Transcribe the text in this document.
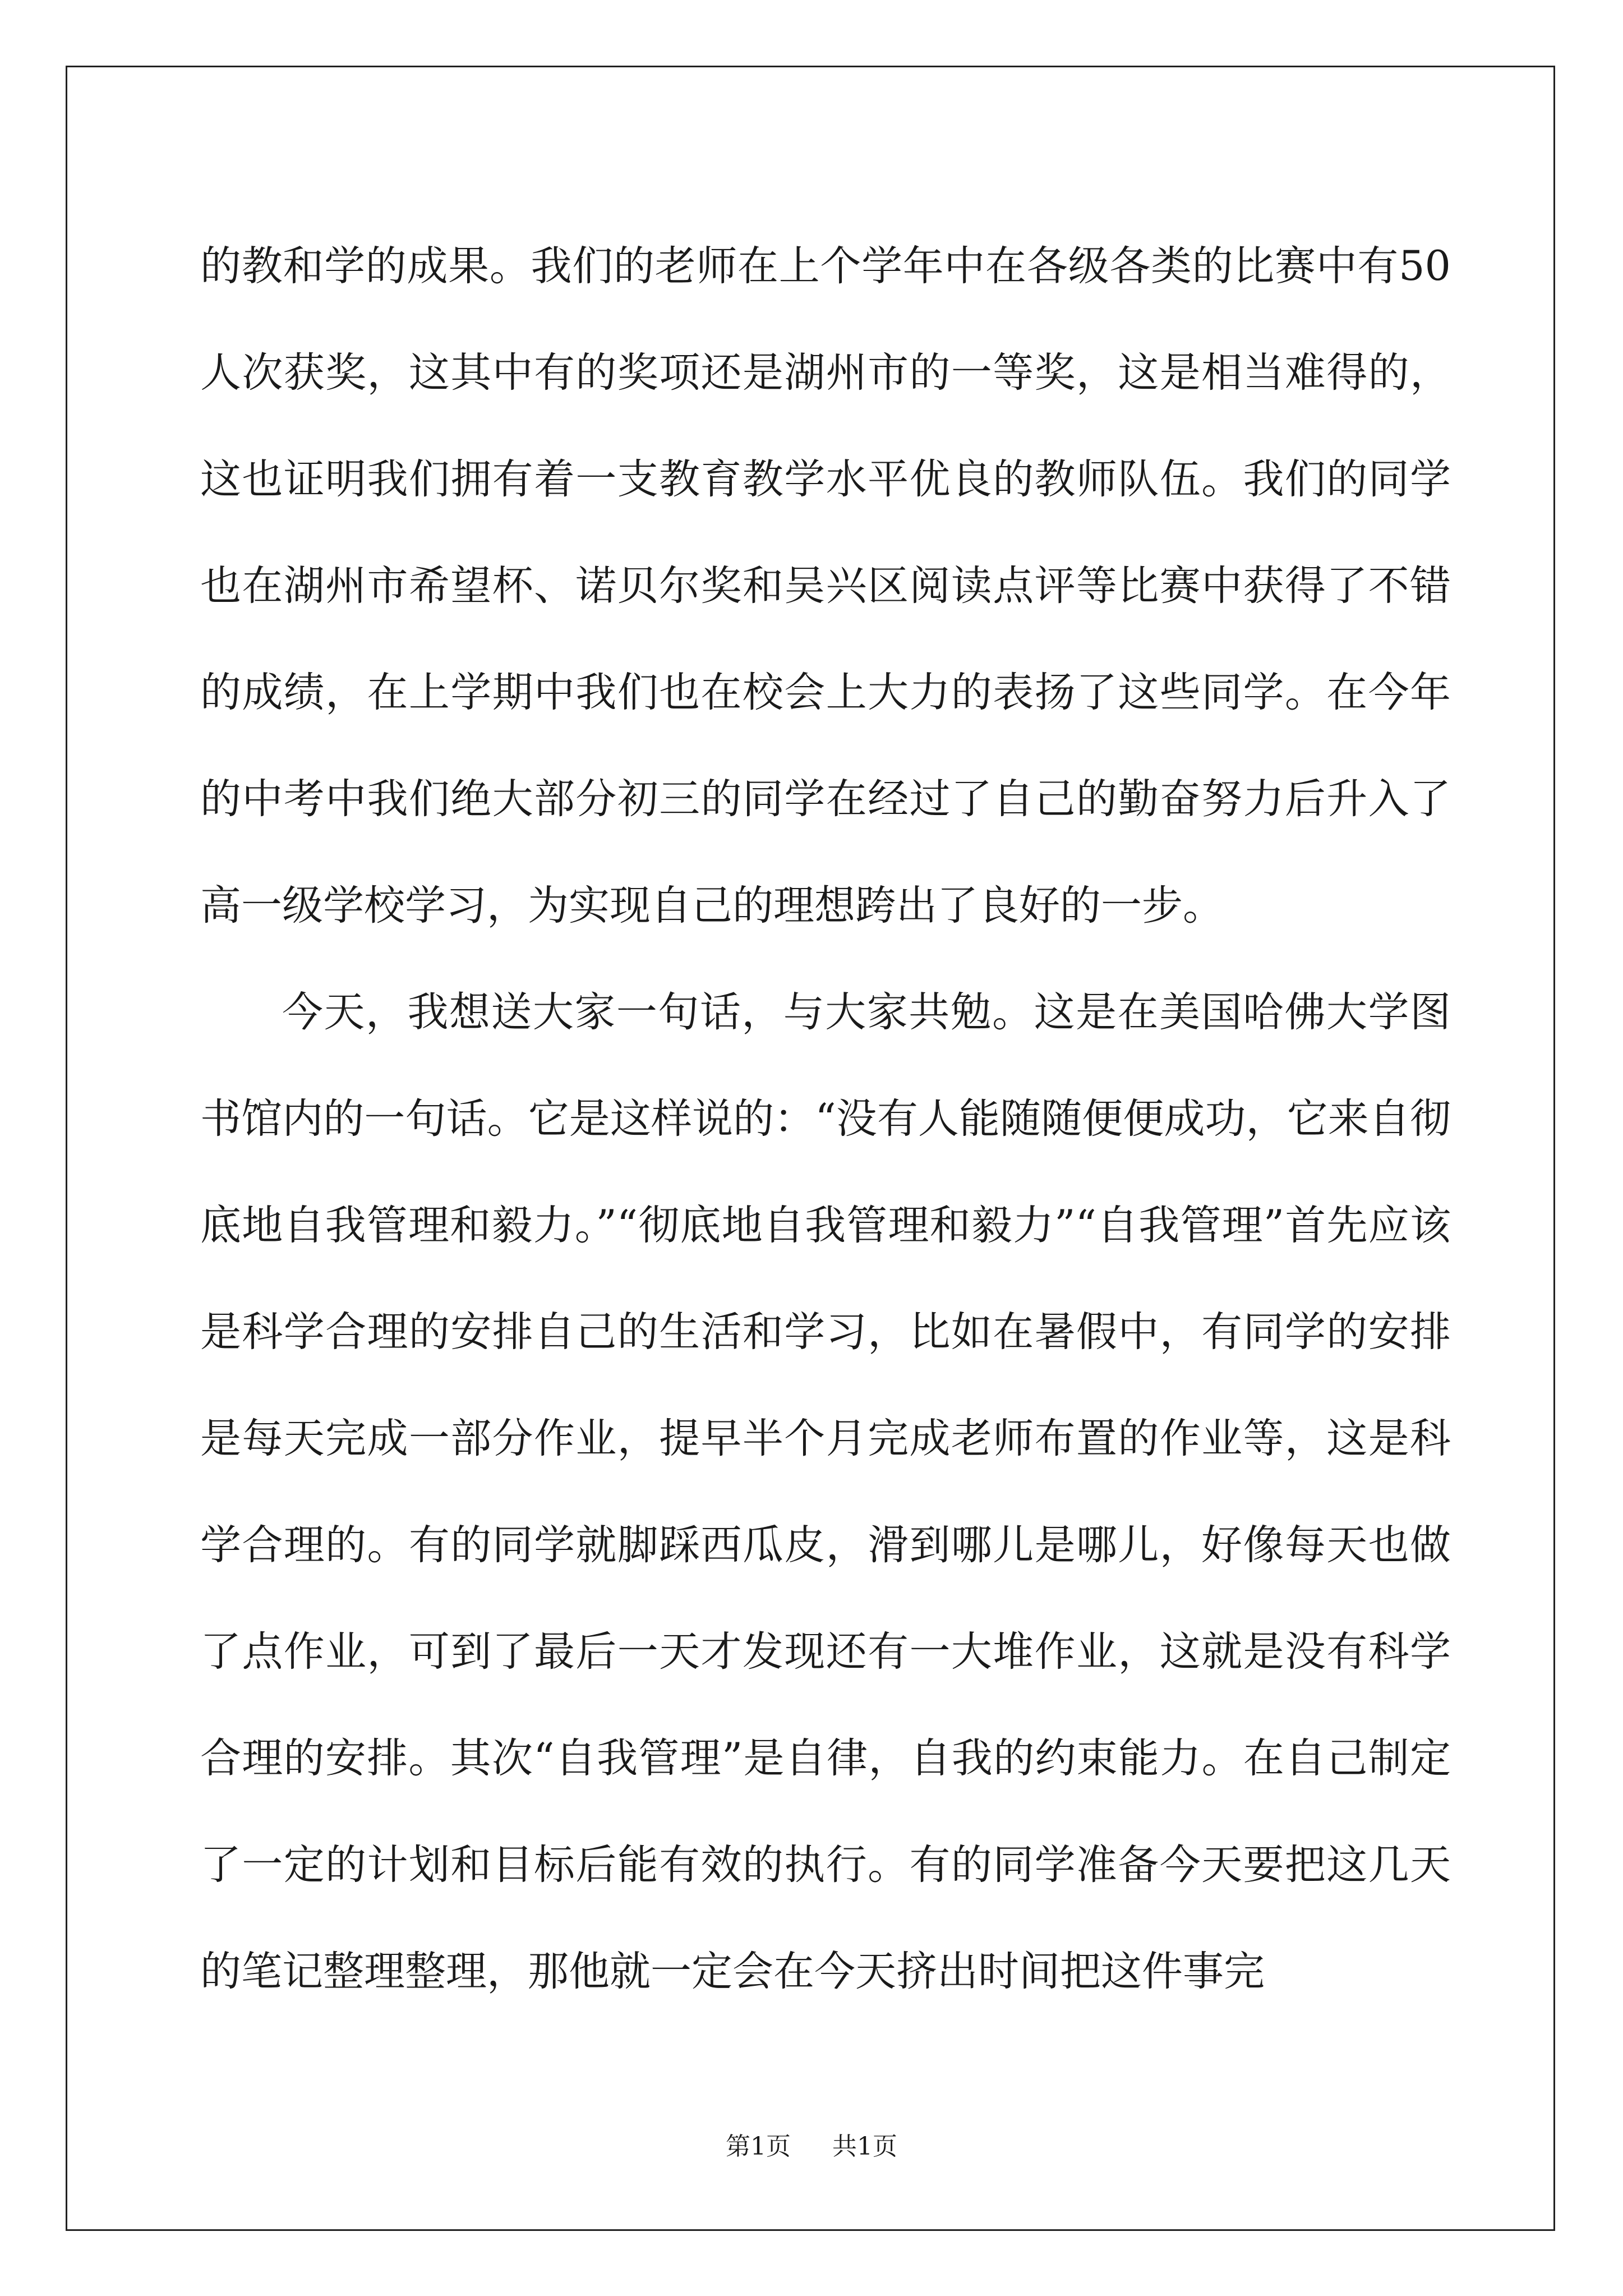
的教和学的成果。我们的老师在上个学年中在各级各类的比赛中有50人次获奖，这其中有的奖项还是湖州市的一等奖，这是相当难得的，这也证明我们拥有着一支教育教学水平优良的教师队伍。我们的同学也在湖州市希望杯、诺贝尔奖和吴兴区阅读点评等比赛中获得了不错的成绩，在上学期中我们也在校会上大力的表扬了这些同学。在今年的中考中我们绝大部分初三的同学在经过了自己的勤奋努力后升入了高一级学校学习，为实现自己的理想跨出了良好的一步。

今天，我想送大家一句话，与大家共勉。这是在美国哈佛大学图书馆内的一句话。它是这样说的：“没有人能随随便便成功，它来自彻底地自我管理和毅力。”“彻底地自我管理和毅力”“自我管理”首先应该是科学合理的安排自己的生活和学习，比如在暑假中，有同学的安排是每天完成一部分作业，提早半个月完成老师布置的作业等，这是科学合理的。有的同学就脚踩西瓜皮，滑到哪儿是哪儿，好像每天也做了点作业，可到了最后一天才发现还有一大堆作业，这就是没有科学合理的安排。其次“自我管理”是自律，自我的约束能力。在自己制定了一定的计划和目标后能有效的执行。有的同学准备今天要把这几天的笔记整理整理，那他就一定会在今天挤出时间把这件事完

第1页 共1页
